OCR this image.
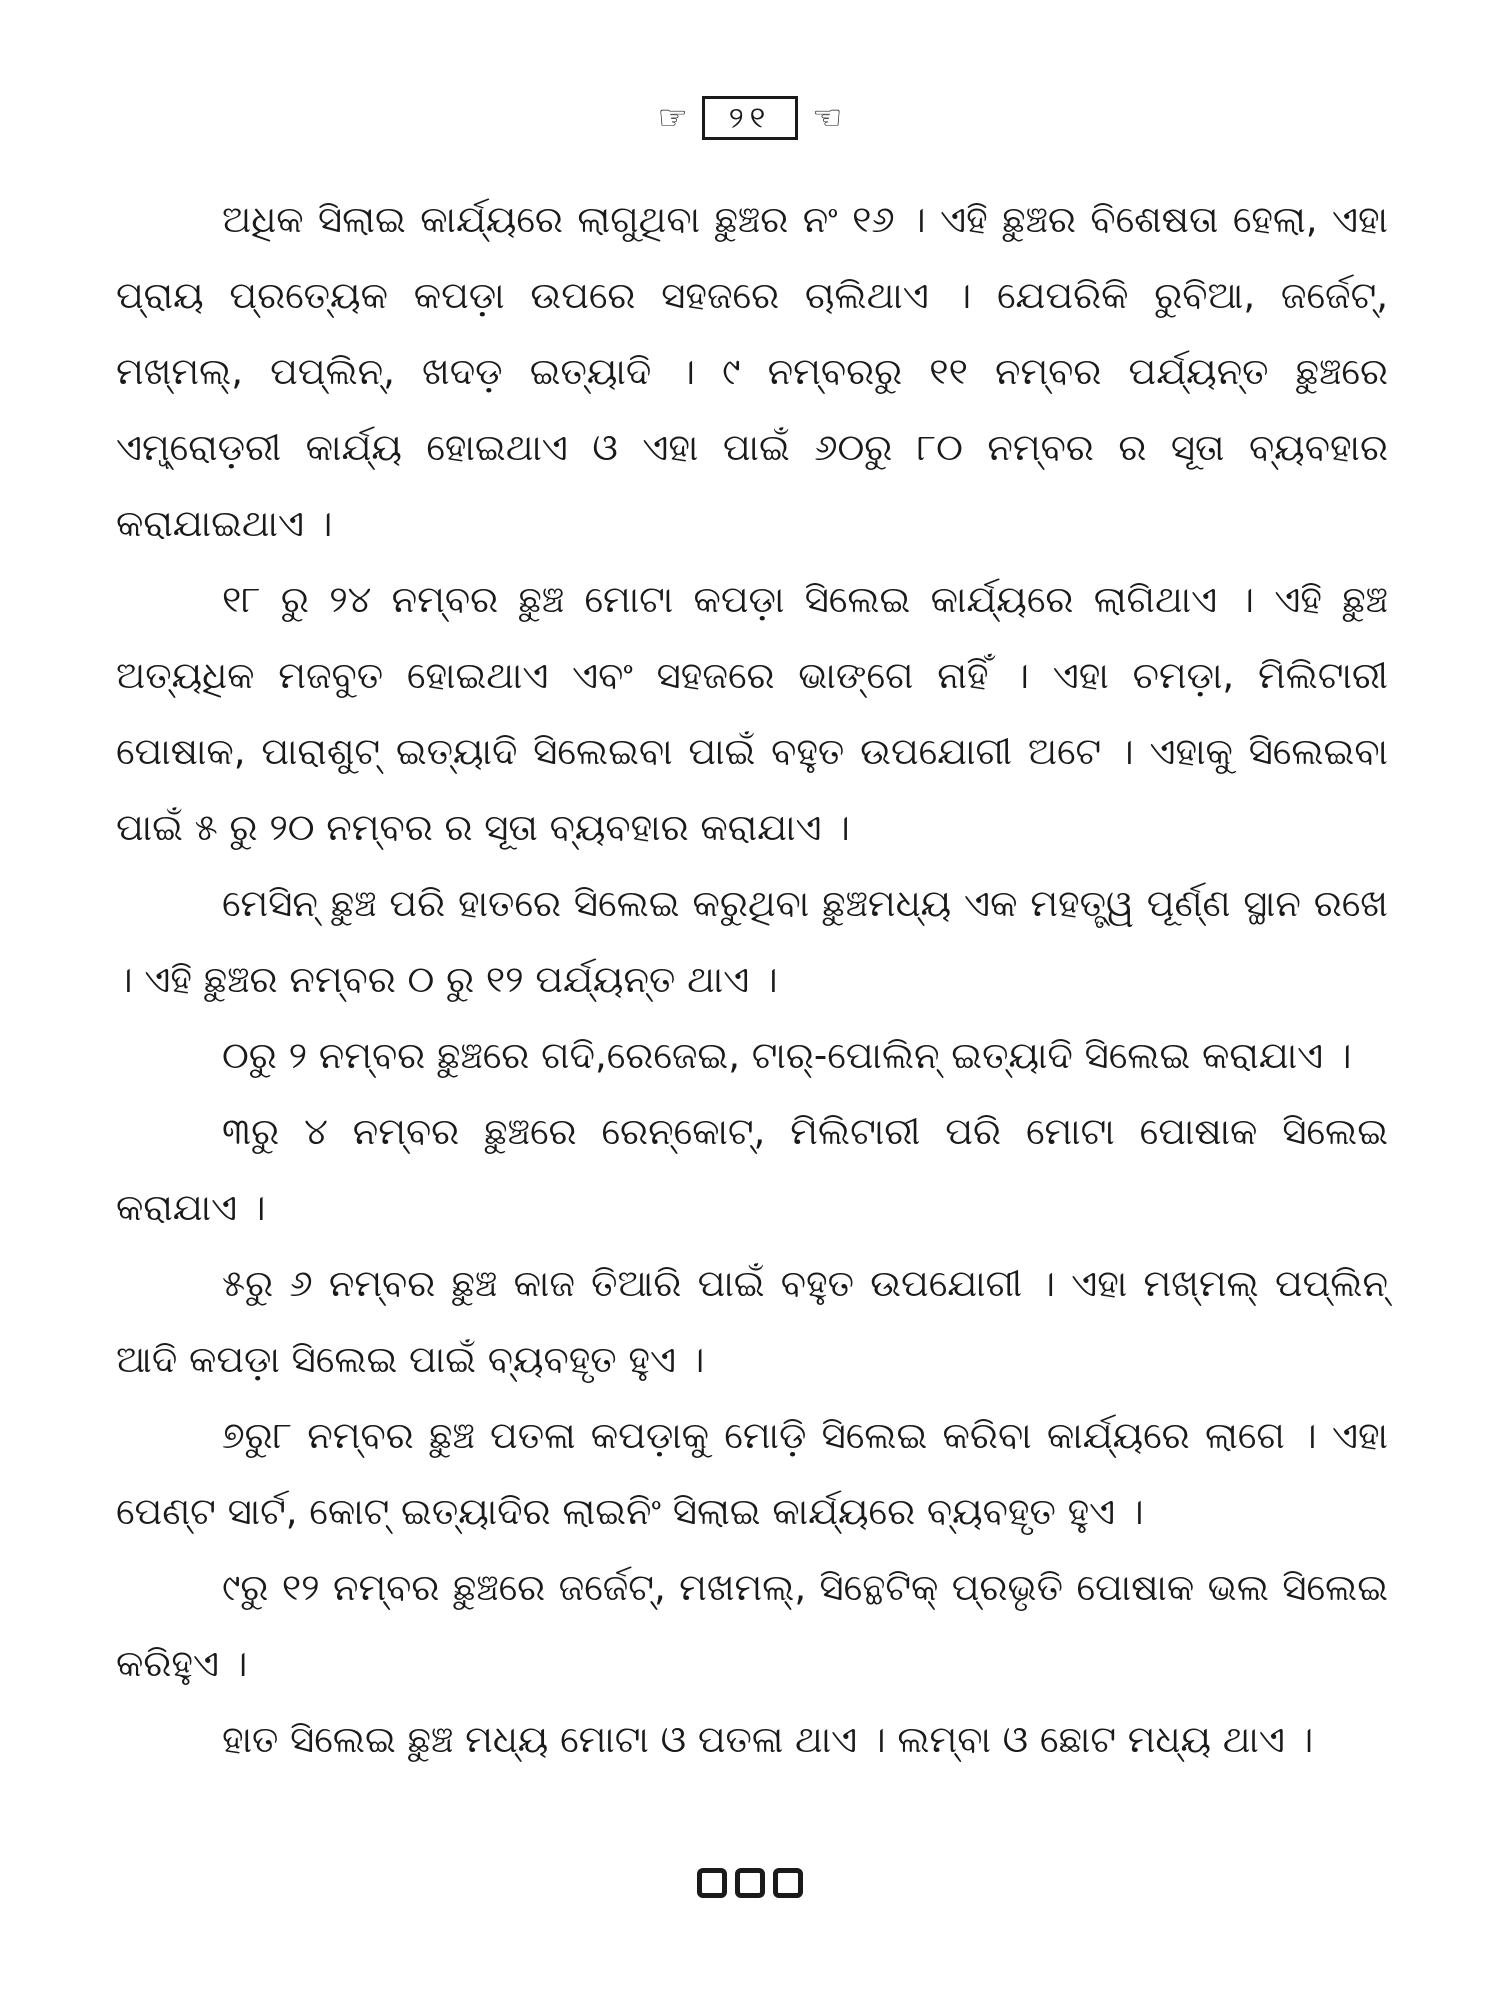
☞	୨୧	☜

ଅଧିକ ସିଲାଇ କାର୍ଯ୍ୟରେ ଲାଗୁଥିବା ଛୁଞ୍ଚର ନଂ ୧୬ । ଏହି ଛୁଞ୍ଚର ବିଶେଷତା ହେଲା, ଏହା ପ୍ରାୟ ପ୍ରତ୍ୟେକ କପଡ଼ା ଉପରେ ସହଜରେ ଚାଲିଥାଏ । ଯେପରିକି ରୁବିଆ, ଜର୍ଜେଟ୍, ମଖ୍ମଲ୍, ପପ୍ଲିନ୍, ଖଦଡ଼ ଇତ୍ୟାଦି । ୯ ନମ୍ବରରୁ ୧୧ ନମ୍ବର ପର୍ଯ୍ୟନ୍ତ ଛୁଞ୍ଚରେ ଏମ୍ବ୍ରୋଡ଼ରୀ କାର୍ଯ୍ୟ ହୋଇଥାଏ ଓ ଏହା ପାଇଁ ୬୦ରୁ ୮୦ ନମ୍ବର ର ସୂତା ବ୍ୟବହାର କରାଯାଇଥାଏ ।

୧୮ ରୁ ୨୪ ନମ୍ବର ଛୁଞ୍ଚ ମୋଟା କପଡ଼ା ସିଲେଇ କାର୍ଯ୍ୟରେ ଲାଗିଥାଏ । ଏହି ଛୁଞ୍ଚ ଅତ୍ୟଧିକ ମଜବୁତ ହୋଇଥାଏ ଏବଂ ସହଜରେ ଭାଙ୍ଗେ ନାହିଁ । ଏହା ଚମଡ଼ା, ମିଲିଟାରୀ ପୋଷାକ, ପାରାଶୁଟ୍ ଇତ୍ୟାଦି ସିଲେଇବା ପାଇଁ ବହୁତ ଉପଯୋଗୀ ଅଟେ । ଏହାକୁ ସିଲେଇବା ପାଇଁ ୫ ରୁ ୨୦ ନମ୍ବର ର ସୂତା ବ୍ୟବହାର କରାଯାଏ ।

ମେସିନ୍ ଛୁଞ୍ଚ ପରି ହାତରେ ସିଲେଇ କରୁଥିବା ଛୁଞ୍ଚମଧ୍ୟ ଏକ ମହତ୍ତ୍ୱ ପୂର୍ଣ୍ଣ ସ୍ଥାନ ରଖେ । ଏହି ଛୁଞ୍ଚର ନମ୍ବର ୦ ରୁ ୧୨ ପର୍ଯ୍ୟନ୍ତ ଥାଏ ।

୦ରୁ ୨ ନମ୍ବର ଛୁଞ୍ଚରେ ଗଦି,ରେଜେଇ, ଟାର୍-ପୋଲିନ୍ ଇତ୍ୟାଦି ସିଲେଇ କରାଯାଏ ।

୩ରୁ ୪ ନମ୍ବର ଛୁଞ୍ଚରେ ରେନ୍‌କୋଟ୍, ମିଲିଟାରୀ ପରି ମୋଟା ପୋଷାକ ସିଲେଇ କରାଯାଏ ।

୫ରୁ ୬ ନମ୍ବର ଛୁଞ୍ଚ କାଜ ତିଆରି ପାଇଁ ବହୁତ ଉପଯୋଗୀ । ଏହା ମଖ୍ମଲ୍ ପପ୍ଲିନ୍ ଆଦି କପଡ଼ା ସିଲେଇ ପାଇଁ ବ୍ୟବହୃତ ହୁଏ ।

୭ରୁ୮ ନମ୍ବର ଛୁଞ୍ଚ ପତଳା କପଡ଼ାକୁ ମୋଡ଼ି ସିଲେଇ କରିବା କାର୍ଯ୍ୟରେ ଲାଗେ । ଏହା ପେଣ୍ଟ ସାର୍ଟ, କୋଟ୍ ଇତ୍ୟାଦିର ଲାଇନିଂ ସିଲାଇ କାର୍ଯ୍ୟରେ ବ୍ୟବହୃତ ହୁଏ ।

୯ରୁ ୧୨ ନମ୍ବର ଛୁଞ୍ଚରେ ଜର୍ଜେଟ୍, ମଖମଲ୍, ସିନ୍ଥେଟିକ୍ ପ୍ରଭୃତି ପୋଷାକ ଭଲ ସିଲେଇ କରିହୁଏ ।

ହାତ ସିଲେଇ ଛୁଞ୍ଚ ମଧ୍ୟ ମୋଟା ଓ ପତଳା ଥାଏ । ଲମ୍ବା ଓ ଛୋଟ ମଧ୍ୟ ଥାଏ ।
